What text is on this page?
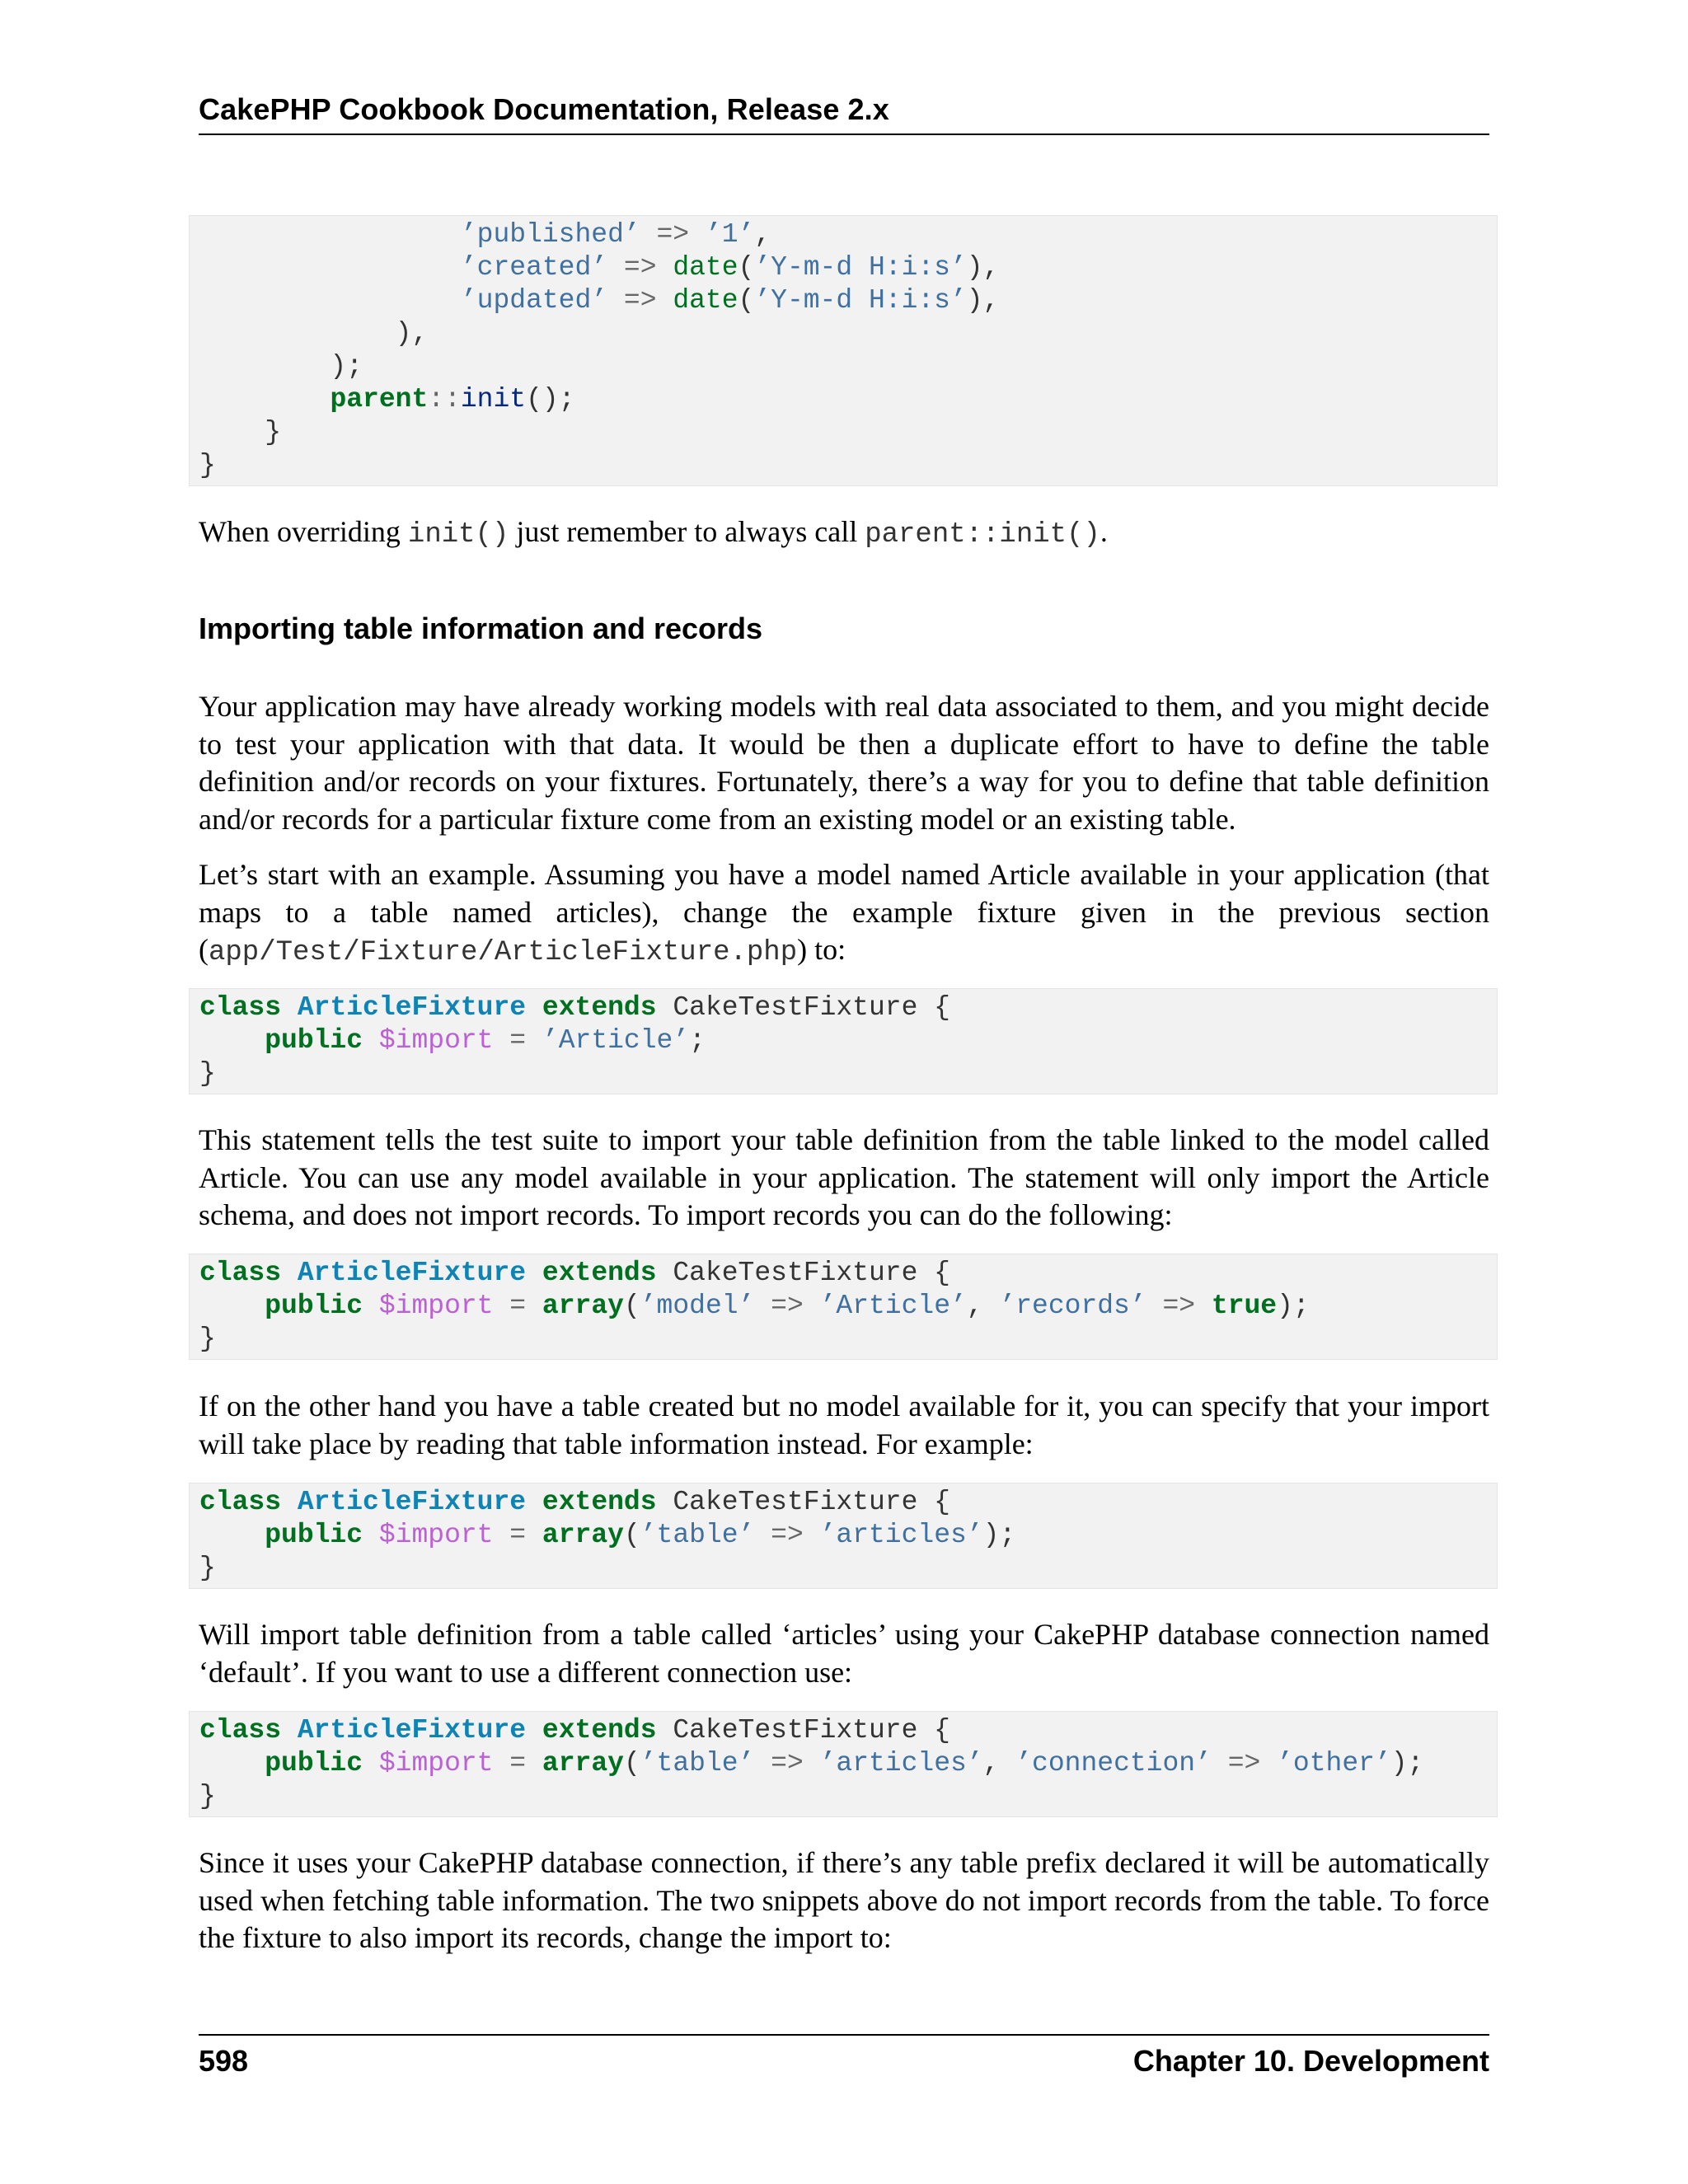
CakePHP Cookbook Documentation, Release 2.x
’published’ => ’1’,
’created’ => date(’Y-m-d H:i:s’),
’updated’ => date(’Y-m-d H:i:s’),
),
);
parent::init();
}
}
When overriding init() just remember to always call parent::init().
Importing table information and records
Your application may have already working models with real data associated to them, and you might decide to test your application with that data. It would be then a duplicate effort to have to define the table definition and/or records on your fixtures. Fortunately, there’s a way for you to define that table definition and/or records for a particular fixture come from an existing model or an existing table.
Let’s start with an example. Assuming you have a model named Article available in your application (that maps to a table named articles), change the example fixture given in the previous section (app/Test/Fixture/ArticleFixture.php) to:
class ArticleFixture extends CakeTestFixture {
public $import = ’Article’;
}
This statement tells the test suite to import your table definition from the table linked to the model called Article. You can use any model available in your application. The statement will only import the Article schema, and does not import records. To import records you can do the following:
class ArticleFixture extends CakeTestFixture {
public $import = array(’model’ => ’Article’, ’records’ => true);
}
If on the other hand you have a table created but no model available for it, you can specify that your import will take place by reading that table information instead. For example:
class ArticleFixture extends CakeTestFixture {
public $import = array(’table’ => ’articles’);
}
Will import table definition from a table called ‘articles’ using your CakePHP database connection named ‘default’. If you want to use a different connection use:
class ArticleFixture extends CakeTestFixture {
public $import = array(’table’ => ’articles’, ’connection’ => ’other’);
}
Since it uses your CakePHP database connection, if there’s any table prefix declared it will be automatically used when fetching table information. The two snippets above do not import records from the table. To force the fixture to also import its records, change the import to:
598	Chapter 10. Development
